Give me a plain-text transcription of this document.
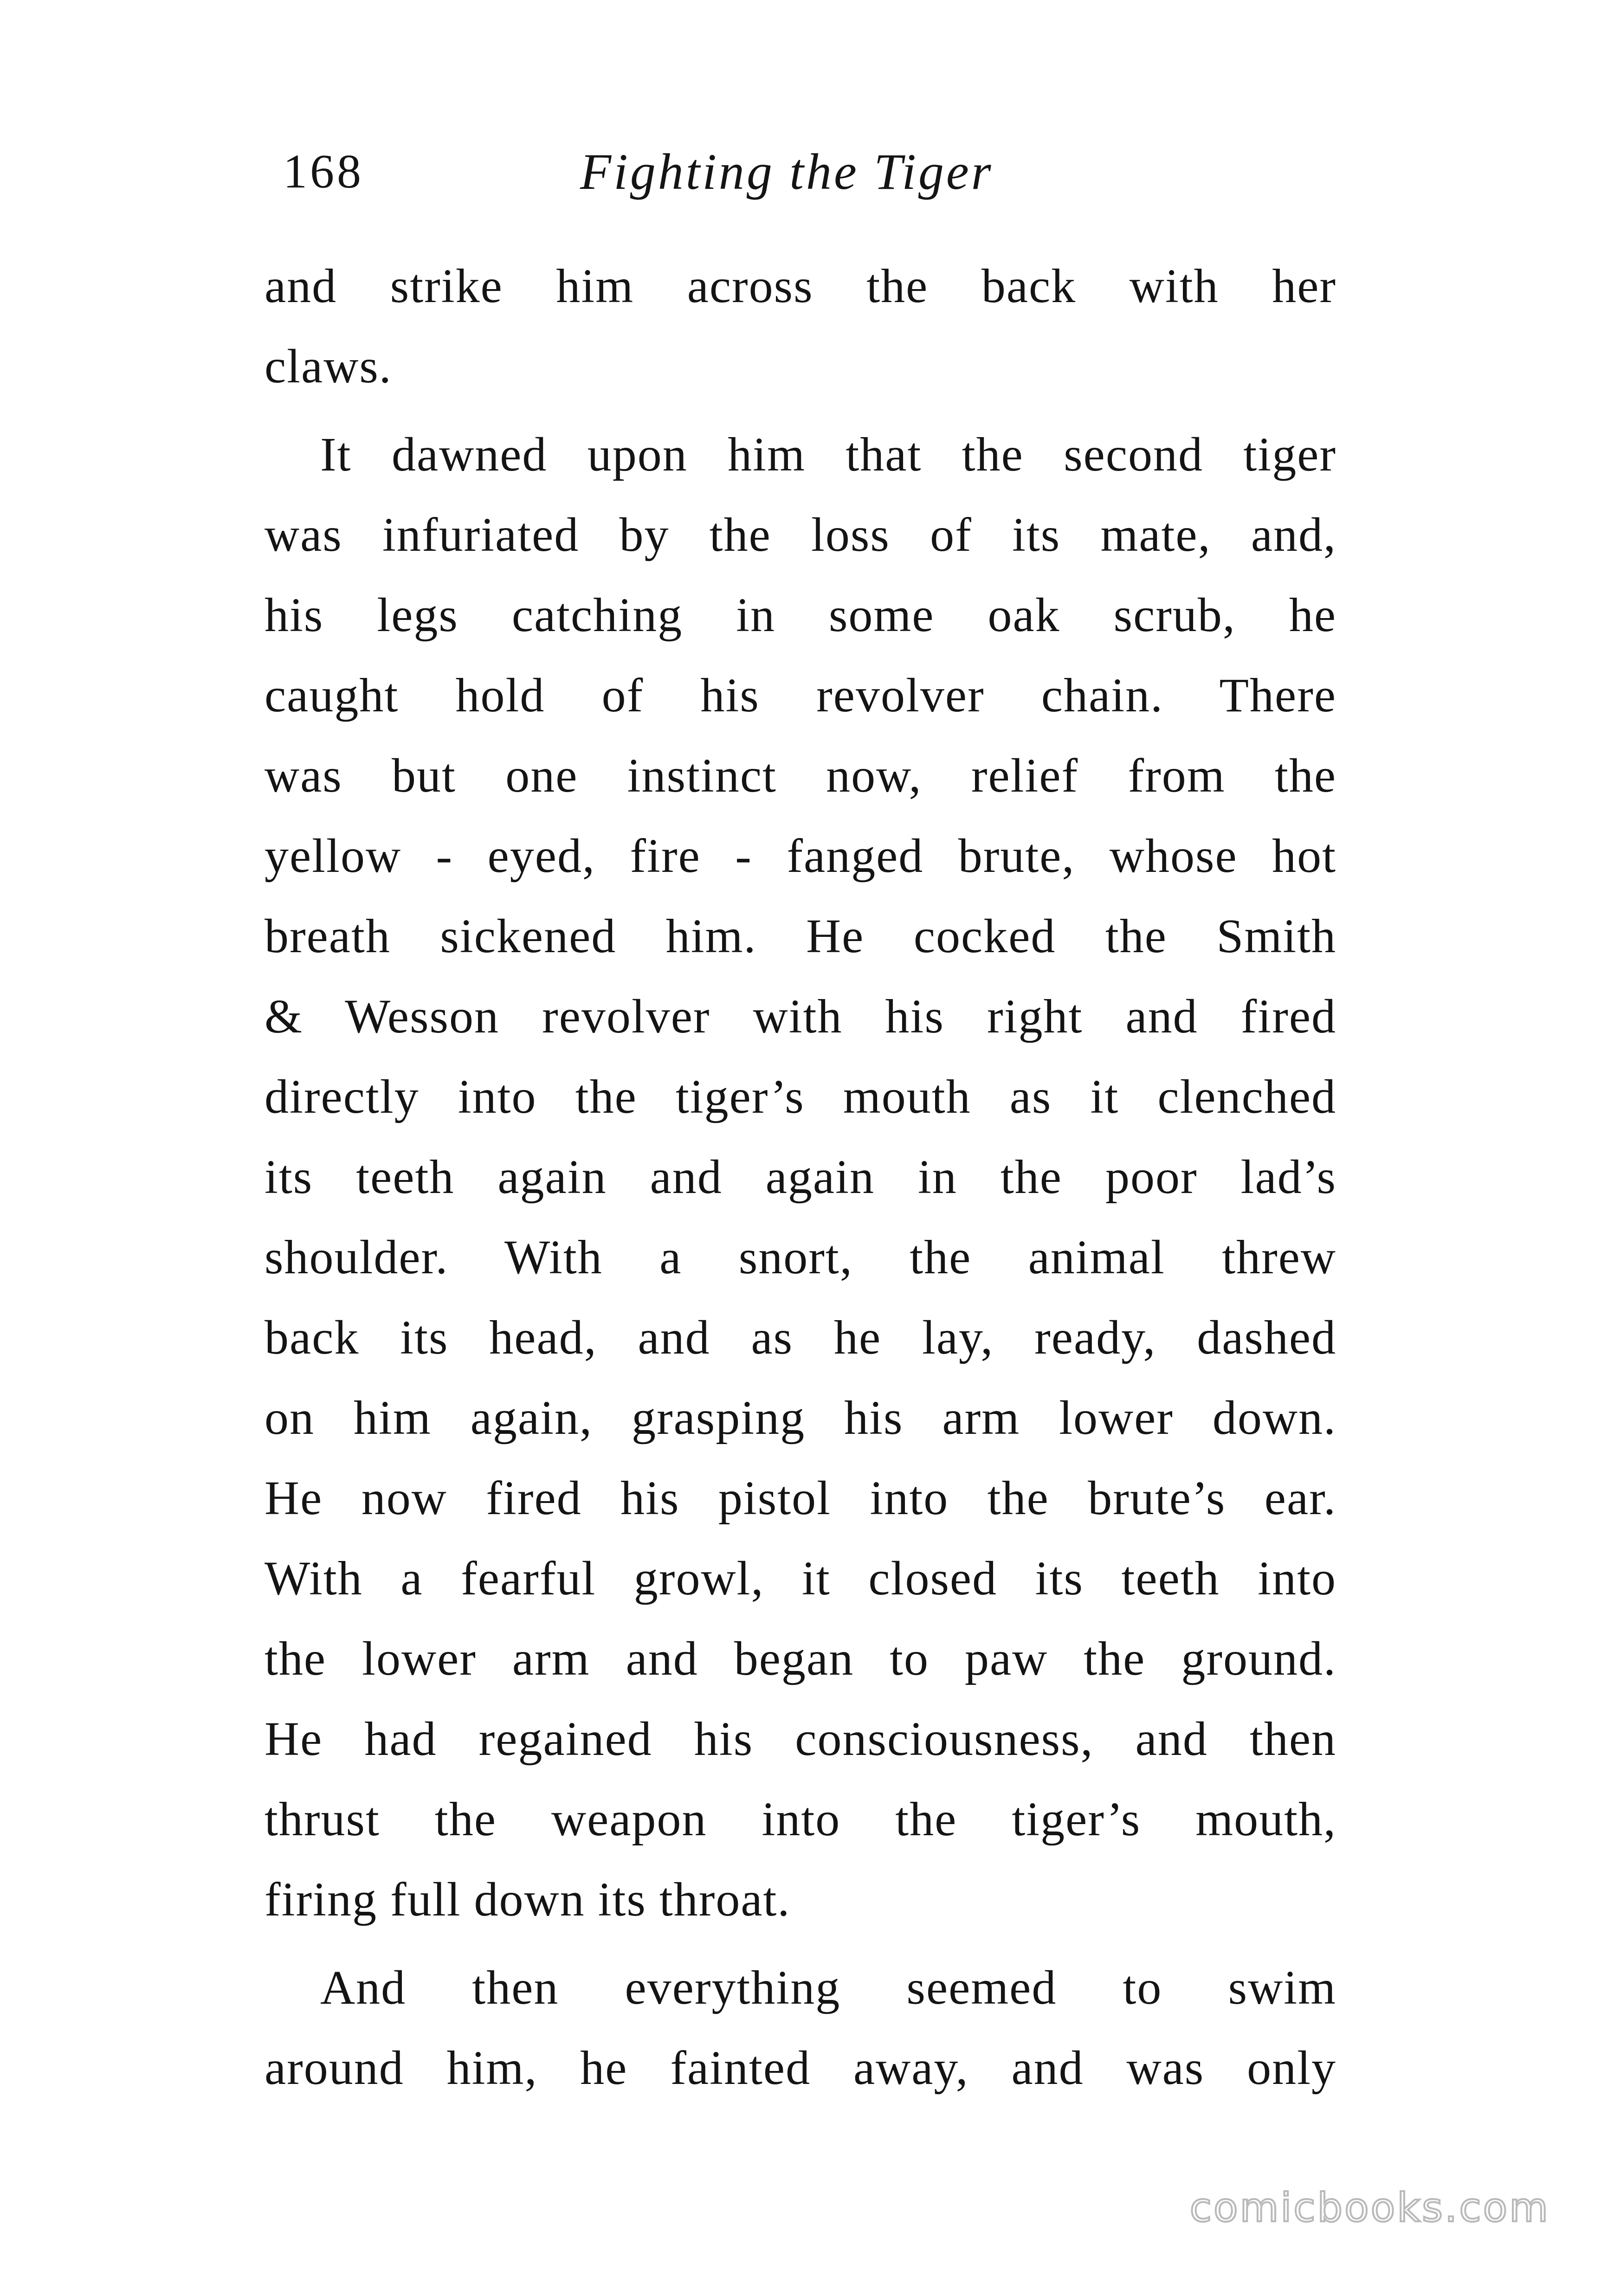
168	Fighting the Tiger
and strike him across the back with her
claws.
It dawned upon him that the second tiger
was infuriated by the loss of its mate, and,
his legs catching in some oak scrub, he
caught hold of his revolver chain. There
was but one instinct now, relief from the
yellow - eyed, fire - fanged brute, whose hot
breath sickened him. He cocked the Smith
& Wesson revolver with his right and fired
directly into the tiger’s mouth as it clenched
its teeth again and again in the poor lad’s
shoulder. With a snort, the animal threw
back its head, and as he lay, ready, dashed
on him again, grasping his arm lower down.
He now fired his pistol into the brute’s ear.
With a fearful growl, it closed its teeth into
the lower arm and began to paw the ground.
He had regained his consciousness, and then
thrust the weapon into the tiger’s mouth,
firing full down its throat.
And then everything seemed to swim
around him, he fainted away, and was only
comicbooks.com
